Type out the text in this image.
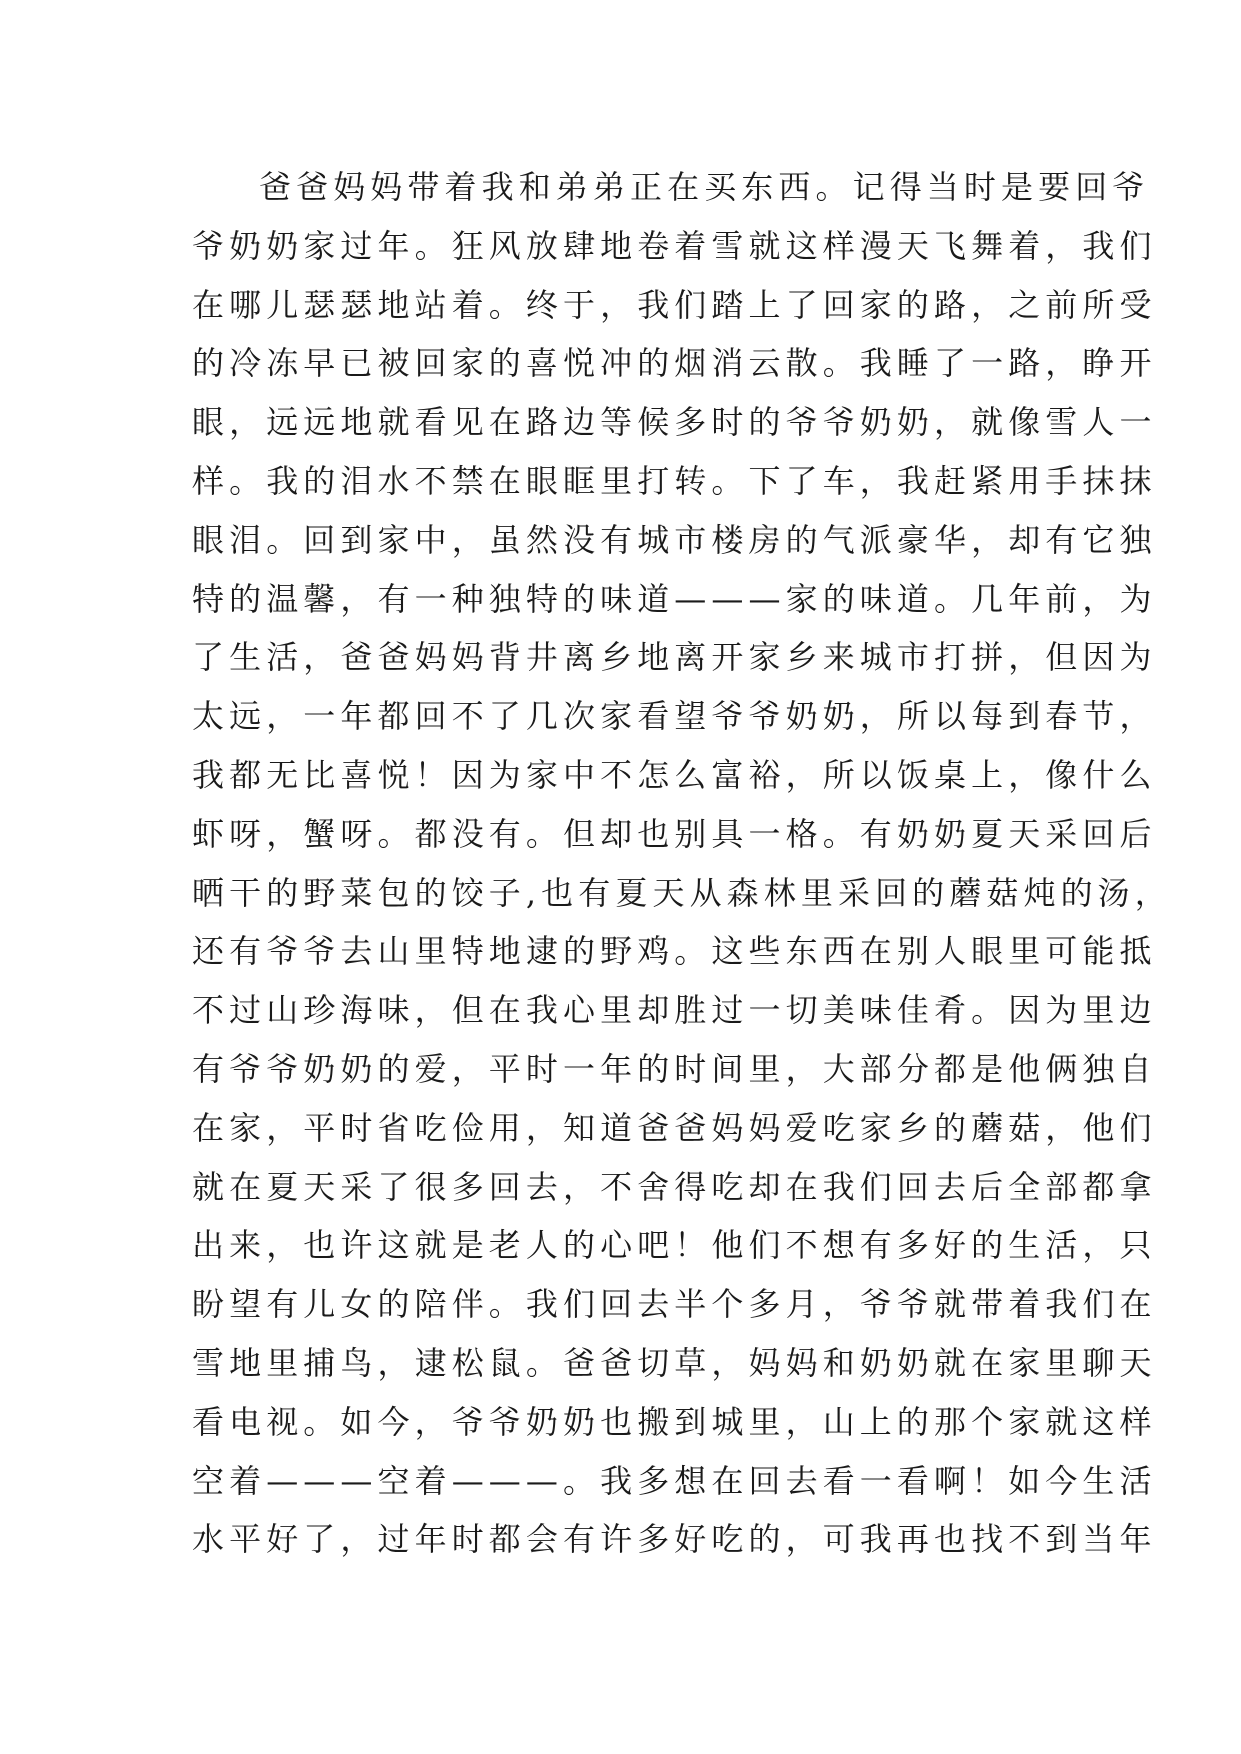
爸爸妈妈带着我和弟弟正在买东西。记得当时是要回爷
爷奶奶家过年。狂风放肆地卷着雪就这样漫天飞舞着，我们
在哪儿瑟瑟地站着。终于，我们踏上了回家的路，之前所受
的冷冻早已被回家的喜悦冲的烟消云散。我睡了一路，睁开
眼，远远地就看见在路边等候多时的爷爷奶奶，就像雪人一
样。我的泪水不禁在眼眶里打转。下了车，我赶紧用手抹抹
眼泪。回到家中，虽然没有城市楼房的气派豪华，却有它独
特的温馨，有一种独特的味道———家的味道。几年前，为
了生活，爸爸妈妈背井离乡地离开家乡来城市打拼，但因为
太远，一年都回不了几次家看望爷爷奶奶，所以每到春节，
我都无比喜悦！因为家中不怎么富裕，所以饭桌上，像什么
虾呀，蟹呀。都没有。但却也别具一格。有奶奶夏天采回后
晒干的野菜包的饺子,也有夏天从森林里采回的蘑菇炖的汤，
还有爷爷去山里特地逮的野鸡。这些东西在别人眼里可能抵
不过山珍海味，但在我心里却胜过一切美味佳肴。因为里边
有爷爷奶奶的爱，平时一年的时间里，大部分都是他俩独自
在家，平时省吃俭用，知道爸爸妈妈爱吃家乡的蘑菇，他们
就在夏天采了很多回去，不舍得吃却在我们回去后全部都拿
出来，也许这就是老人的心吧！他们不想有多好的生活，只
盼望有儿女的陪伴。我们回去半个多月，爷爷就带着我们在
雪地里捕鸟，逮松鼠。爸爸切草，妈妈和奶奶就在家里聊天
看电视。如今，爷爷奶奶也搬到城里，山上的那个家就这样
空着———空着———。我多想在回去看一看啊！如今生活
水平好了，过年时都会有许多好吃的，可我再也找不到当年
